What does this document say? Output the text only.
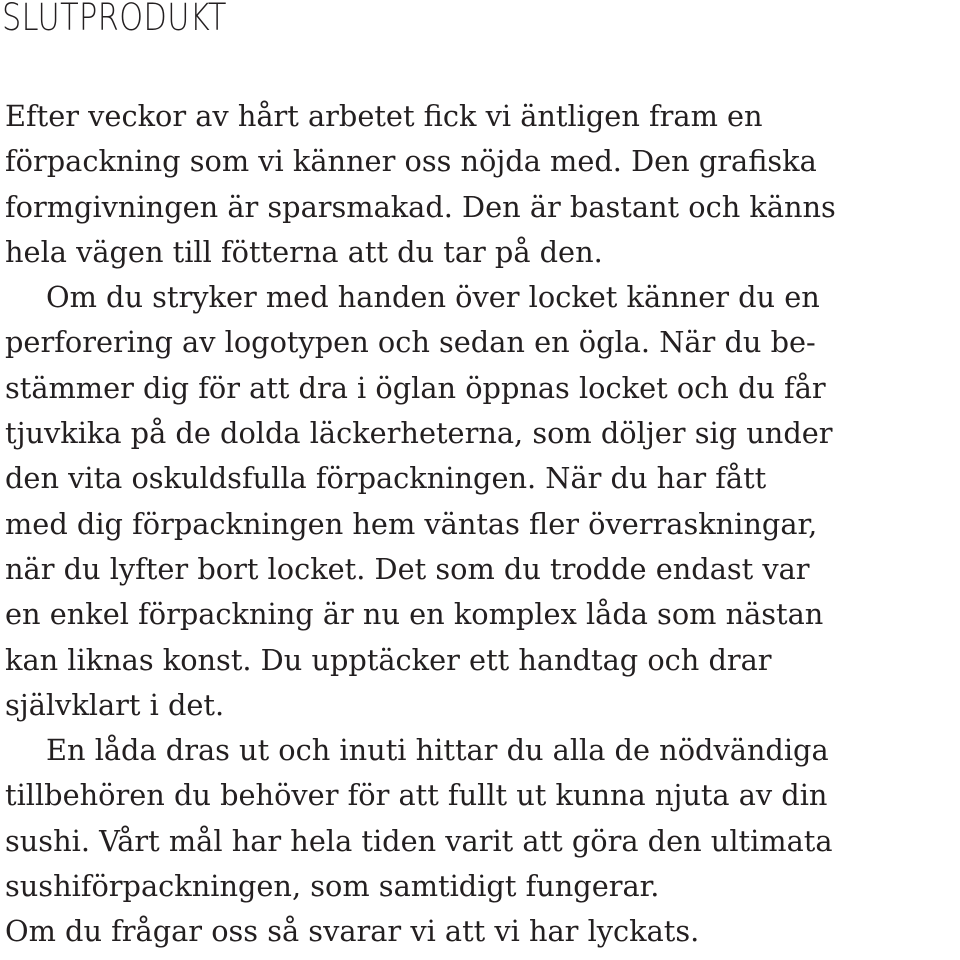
SLUTPRODUKT

Efter veckor av hårt arbetet fick vi äntligen fram en

förpackning som vi känner oss nöjda med. Den grafiska

formgivningen är sparsmakad. Den är bastant och känns

hela vägen till fötterna att du tar på den.

Om du stryker med handen över locket känner du en

perforering av logotypen och sedan en ögla. När du be-

stämmer dig för att dra i öglan öppnas locket och du får

tjuvkika på de dolda läckerheterna, som döljer sig under

den vita oskuldsfulla förpackningen. När du har fått

med dig förpackningen hem väntas fler överraskningar,

när du lyfter bort locket. Det som du trodde endast var

en enkel förpackning är nu en komplex låda som nästan

kan liknas konst. Du upptäcker ett handtag och drar

självklart i det.

En låda dras ut och inuti hittar du alla de nödvändiga

tillbehören du behöver för att fullt ut kunna njuta av din

sushi. Vårt mål har hela tiden varit att göra den ultimata

sushiförpackningen, som samtidigt fungerar.

Om du frågar oss så svarar vi att vi har lyckats.
